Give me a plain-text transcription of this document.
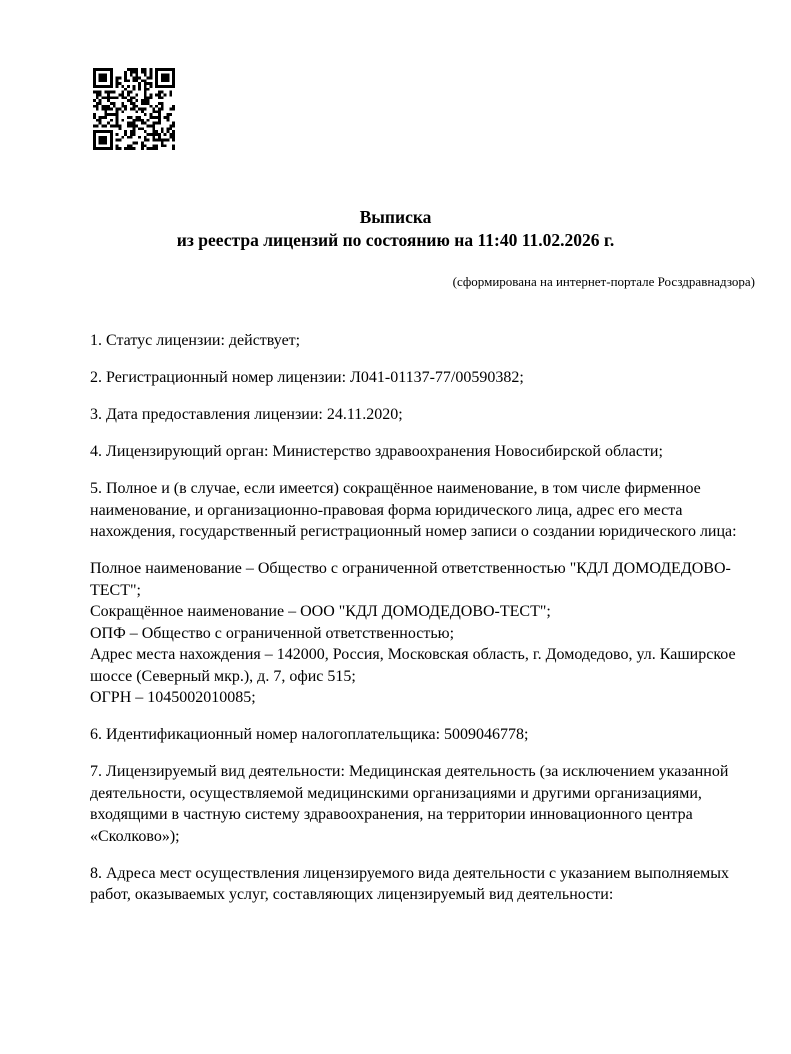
Выписка
из реестра лицензий по состоянию на 11:40 11.02.2026 г.
(сформирована на интернет-портале Росздравнадзора)
1. Статус лицензии: действует;
2. Регистрационный номер лицензии: Л041-01137-77/00590382;
3. Дата предоставления лицензии: 24.11.2020;
4. Лицензирующий орган: Министерство здравоохранения Новосибирской области;
5. Полное и (в случае, если имеется) сокращённое наименование, в том числе фирменное наименование, и организационно-правовая форма юридического лица, адрес его места нахождения, государственный регистрационный номер записи о создании юридического лица:
Полное наименование – Общество с ограниченной ответственностью "КДЛ ДОМОДЕДОВО-ТЕСТ";
Сокращённое наименование – ООО "КДЛ ДОМОДЕДОВО-ТЕСТ";
ОПФ – Общество с ограниченной ответственностью;
Адрес места нахождения – 142000, Россия, Московская область, г. Домодедово, ул. Каширское шоссе (Северный мкр.), д. 7, офис 515;
ОГРН – 1045002010085;
6. Идентификационный номер налогоплательщика: 5009046778;
7. Лицензируемый вид деятельности: Медицинская деятельность (за исключением указанной деятельности, осуществляемой медицинскими организациями и другими организациями, входящими в частную систему здравоохранения, на территории инновационного центра «Сколково»);
8. Адреса мест осуществления лицензируемого вида деятельности с указанием выполняемых работ, оказываемых услуг, составляющих лицензируемый вид деятельности:
